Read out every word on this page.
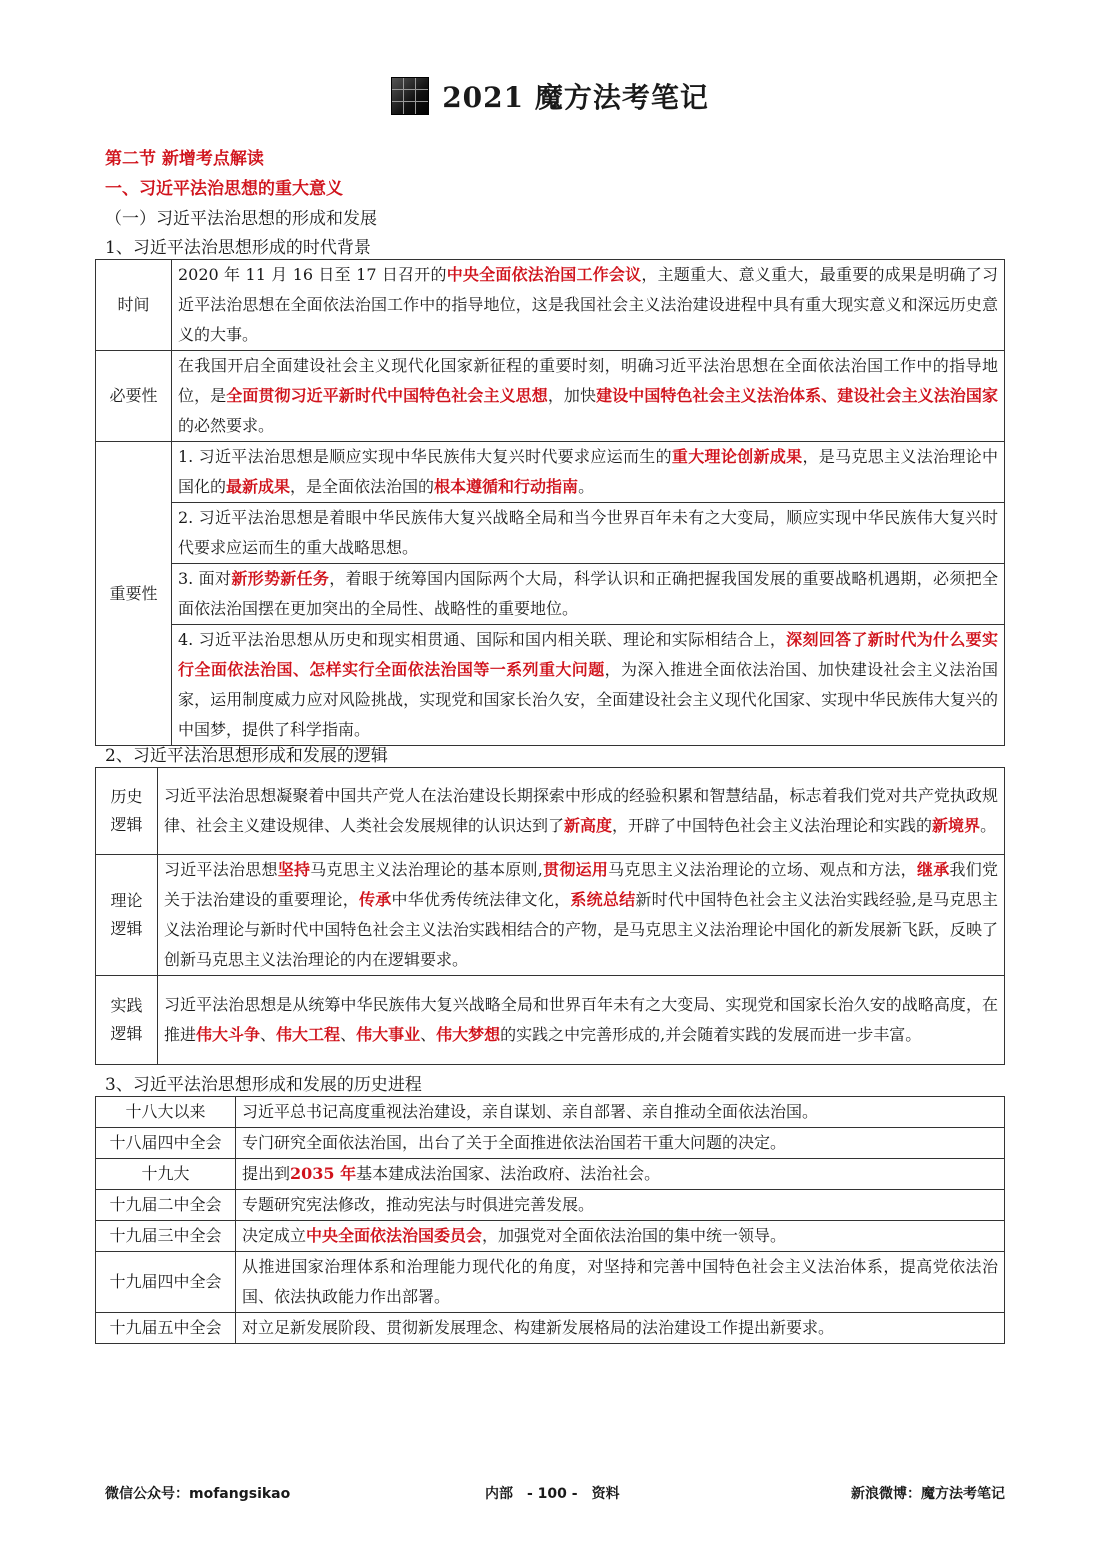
2021 魔方法考笔记
第二节 新增考点解读
一、习近平法治思想的重大意义
（一）习近平法治思想的形成和发展
1、习近平法治思想形成的时代背景
时间	2020 年 11 月 16 日至 17 日召开的中央全面依法治国工作会议，主题重大、意义重大，最重要的成果是明确了习近平法治思想在全面依法治国工作中的指导地位，这是我国社会主义法治建设进程中具有重大现实意义和深远历史意义的大事。
必要性	在我国开启全面建设社会主义现代化国家新征程的重要时刻，明确习近平法治思想在全面依法治国工作中的指导地位，是全面贯彻习近平新时代中国特色社会主义思想，加快建设中国特色社会主义法治体系、建设社会主义法治国家的必然要求。
重要性	1. 习近平法治思想是顺应实现中华民族伟大复兴时代要求应运而生的重大理论创新成果，是马克思主义法治理论中国化的最新成果，是全面依法治国的根本遵循和行动指南。
	2. 习近平法治思想是着眼中华民族伟大复兴战略全局和当今世界百年未有之大变局，顺应实现中华民族伟大复兴时代要求应运而生的重大战略思想。
	3. 面对新形势新任务，着眼于统筹国内国际两个大局，科学认识和正确把握我国发展的重要战略机遇期，必须把全面依法治国摆在更加突出的全局性、战略性的重要地位。
	4. 习近平法治思想从历史和现实相贯通、国际和国内相关联、理论和实际相结合上，深刻回答了新时代为什么要实行全面依法治国、怎样实行全面依法治国等一系列重大问题，为深入推进全面依法治国、加快建设社会主义法治国家，运用制度威力应对风险挑战，实现党和国家长治久安，全面建设社会主义现代化国家、实现中华民族伟大复兴的中国梦，提供了科学指南。
2、习近平法治思想形成和发展的逻辑
历史
逻辑	习近平法治思想凝聚着中国共产党人在法治建设长期探索中形成的经验积累和智慧结晶，标志着我们党对共产党执政规律、社会主义建设规律、人类社会发展规律的认识达到了新高度，开辟了中国特色社会主义法治理论和实践的新境界。
理论
逻辑	习近平法治思想坚持马克思主义法治理论的基本原则,贯彻运用马克思主义法治理论的立场、观点和方法，继承我们党关于法治建设的重要理论，传承中华优秀传统法律文化，系统总结新时代中国特色社会主义法治实践经验,是马克思主义法治理论与新时代中国特色社会主义法治实践相结合的产物，是马克思主义法治理论中国化的新发展新飞跃，反映了创新马克思主义法治理论的内在逻辑要求。
实践
逻辑	习近平法治思想是从统筹中华民族伟大复兴战略全局和世界百年未有之大变局、实现党和国家长治久安的战略高度，在推进伟大斗争、伟大工程、伟大事业、伟大梦想的实践之中完善形成的,并会随着实践的发展而进一步丰富。
3、习近平法治思想形成和发展的历史进程
十八大以来	习近平总书记高度重视法治建设，亲自谋划、亲自部署、亲自推动全面依法治国。
十八届四中全会	专门研究全面依法治国，出台了关于全面推进依法治国若干重大问题的决定。
十九大	提出到2035 年基本建成法治国家、法治政府、法治社会。
十九届二中全会	专题研究宪法修改，推动宪法与时俱进完善发展。
十九届三中全会	决定成立中央全面依法治国委员会，加强党对全面依法治国的集中统一领导。
十九届四中全会	从推进国家治理体系和治理能力现代化的角度，对坚持和完善中国特色社会主义法治体系，提高党依法治国、依法执政能力作出部署。
十九届五中全会	对立足新发展阶段、贯彻新发展理念、构建新发展格局的法治建设工作提出新要求。
微信公众号：mofangsikao	内部　- 100 -　资料	新浪微博：魔方法考笔记
